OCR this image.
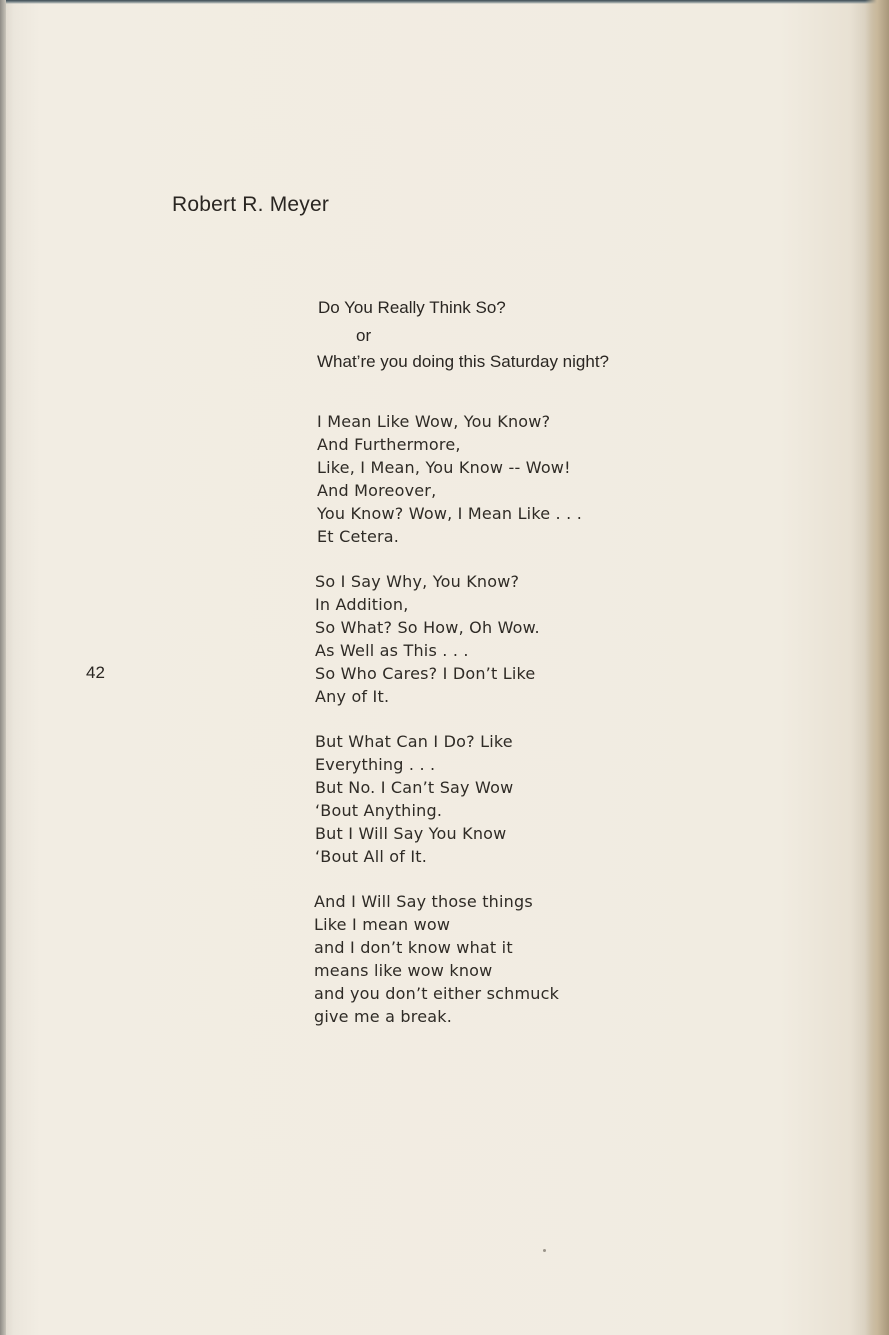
Robert R. Meyer
Do You Really Think So?
or
What’re you doing this Saturday night?
42
I Mean Like Wow, You Know?
And Furthermore,
Like, I Mean, You Know -- Wow!
And Moreover,
You Know? Wow, I Mean Like . . .
Et Cetera.
So I Say Why, You Know?
In Addition,
So What? So How, Oh Wow.
As Well as This . . .
So Who Cares? I Don’t Like
Any of It.
But What Can I Do? Like
Everything . . .
But No. I Can’t Say Wow
‘Bout Anything.
But I Will Say You Know
‘Bout All of It.
And I Will Say those things
Like I mean wow
and I don’t know what it
means like wow know
and you don’t either schmuck
give me a break.
